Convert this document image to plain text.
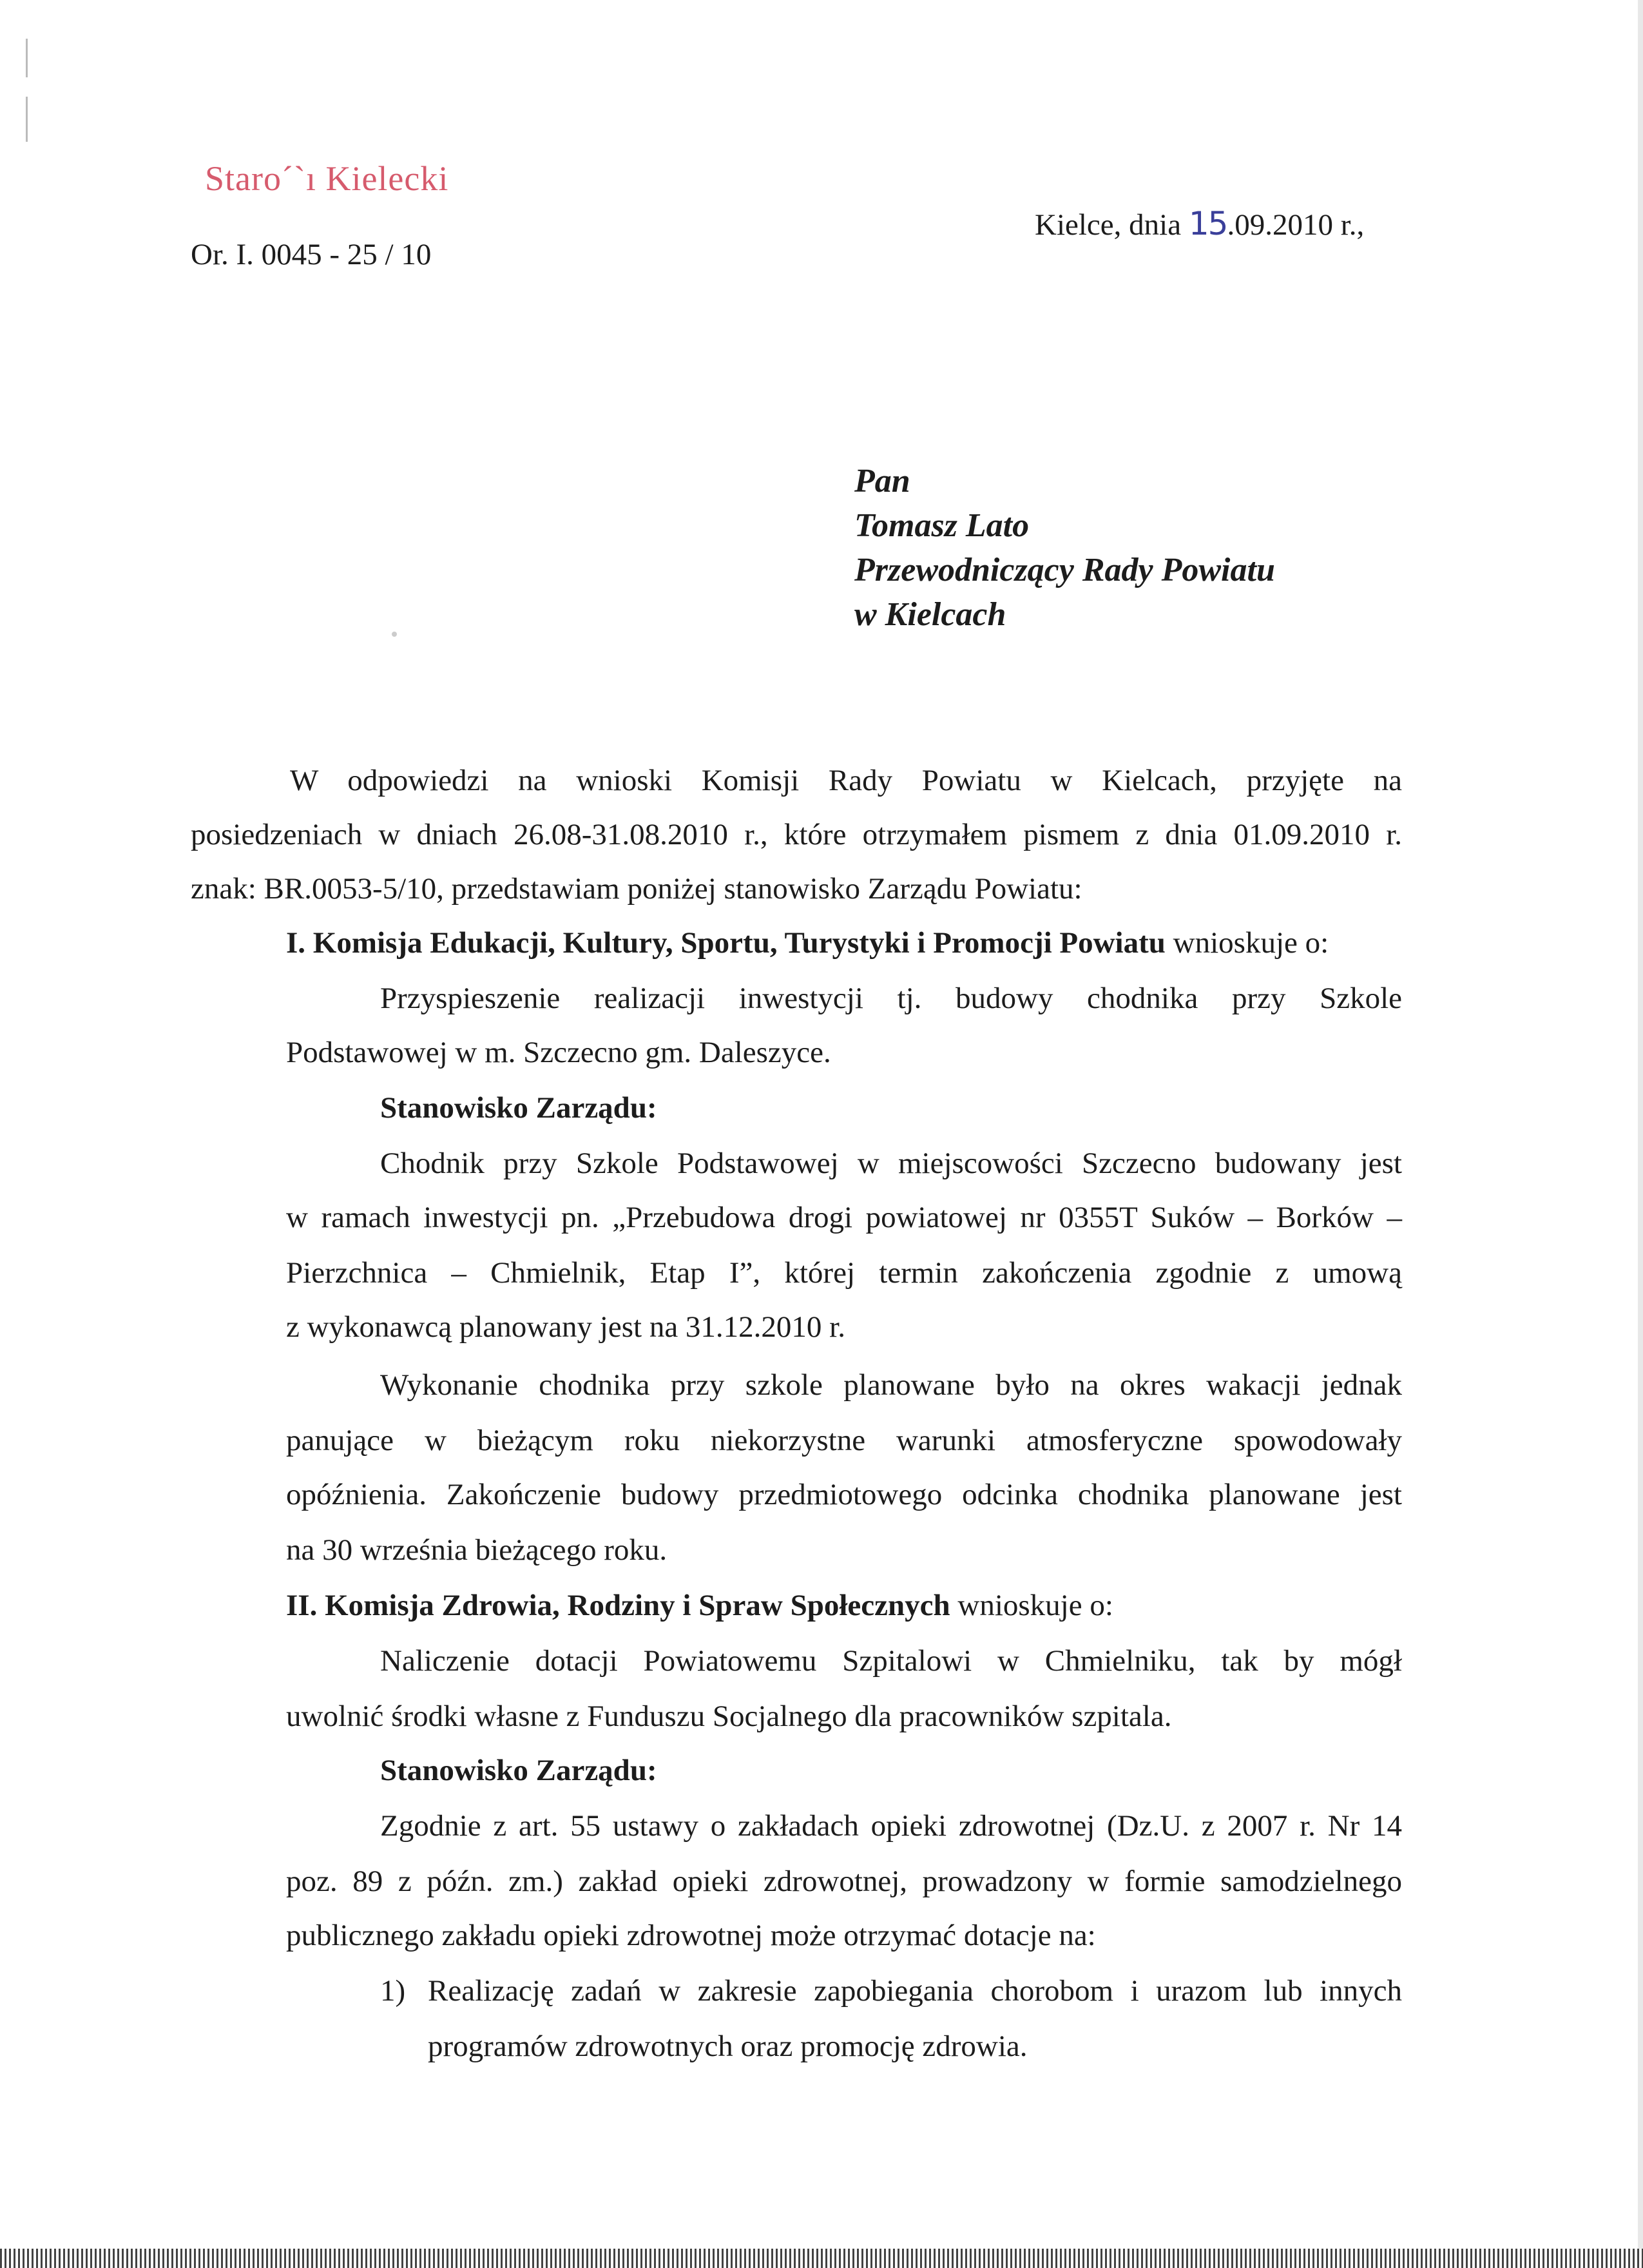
Staro´`ı Kielecki
Or. I. 0045 - 25 / 10
Kielce, dnia 15.09.2010 r.,

Pan

Tomasz Lato

Przewodniczący Rady Powiatu

w Kielcach

W odpowiedzi na wnioski Komisji Rady Powiatu w Kielcach, przyjęte na
posiedzeniach w dniach 26.08-31.08.2010 r., które otrzymałem pismem z dnia 01.09.2010 r.
znak: BR.0053-5/10, przedstawiam poniżej stanowisko Zarządu Powiatu:
I. Komisja Edukacji, Kultury, Sportu, Turystyki i Promocji Powiatu wnioskuje o:
Przyspieszenie realizacji inwestycji tj. budowy chodnika przy Szkole
Podstawowej w m. Szczecno gm. Daleszyce.
Stanowisko Zarządu:
Chodnik przy Szkole Podstawowej w miejscowości Szczecno budowany jest
w ramach inwestycji pn. „Przebudowa drogi powiatowej nr 0355T Suków – Borków –
Pierzchnica – Chmielnik, Etap I”, której termin zakończenia zgodnie z umową
z wykonawcą planowany jest na 31.12.2010 r.
Wykonanie chodnika przy szkole planowane było na okres wakacji jednak
panujące w bieżącym roku niekorzystne warunki atmosferyczne spowodowały
opóźnienia. Zakończenie budowy przedmiotowego odcinka chodnika planowane jest
na 30 września bieżącego roku.
II. Komisja Zdrowia, Rodziny i Spraw Społecznych wnioskuje o:
Naliczenie dotacji Powiatowemu Szpitalowi w Chmielniku, tak by mógł
uwolnić środki własne z Funduszu Socjalnego dla pracowników szpitala.
Stanowisko Zarządu:
Zgodnie z art. 55 ustawy o zakładach opieki zdrowotnej (Dz.U. z 2007 r. Nr 14
poz. 89 z późn. zm.) zakład opieki zdrowotnej, prowadzony w formie samodzielnego
publicznego zakładu opieki zdrowotnej może otrzymać dotacje na:
1) Realizację zadań w zakresie zapobiegania chorobom i urazom lub innych
programów zdrowotnych oraz promocję zdrowia.
